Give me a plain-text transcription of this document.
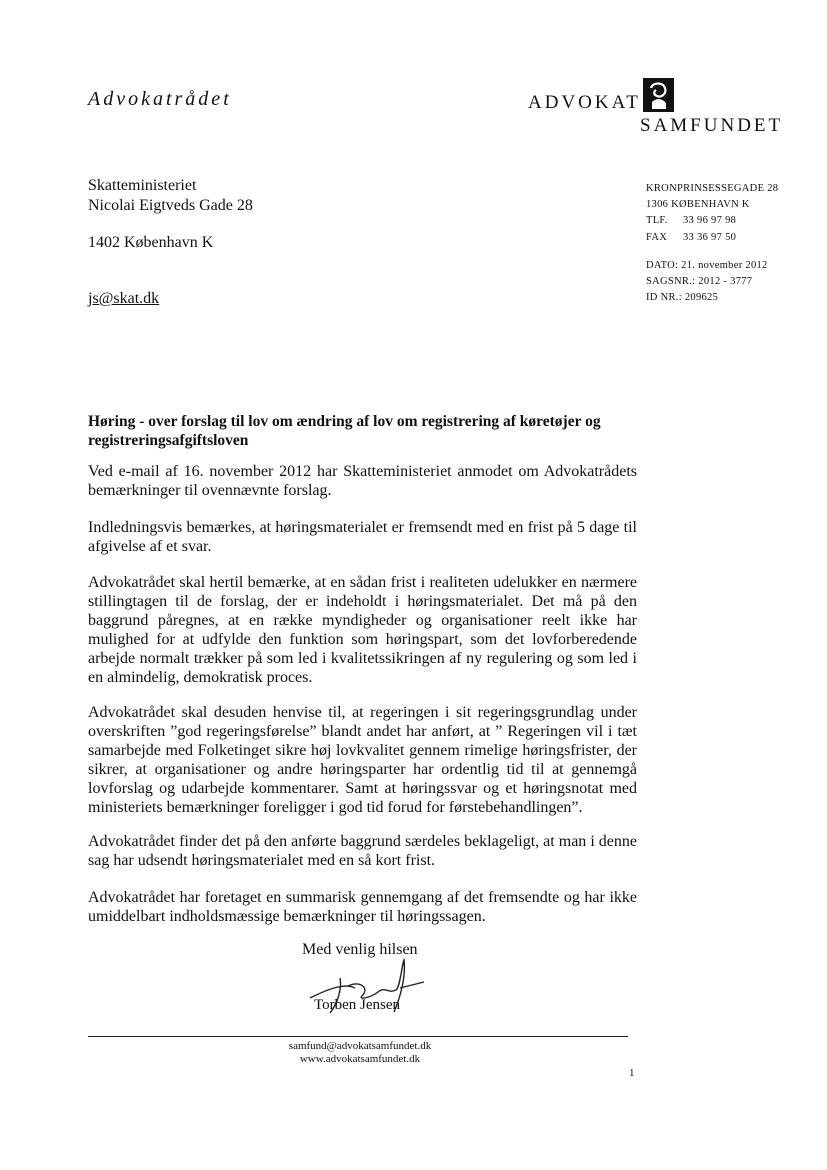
Advokatrådet	ADVOKAT
SAMFUNDET
Skatteministeriet
Nicolai Eigtveds Gade 28
1402 København K
js@skat.dk
KRONPRINSESSEGADE 28
1306 KØBENHAVN K
TLF. 33 96 97 98
FAX 33 36 97 50
DATO: 21. november 2012
SAGSNR.: 2012 - 3777
ID NR.: 209625
Høring - over forslag til lov om ændring af lov om registrering af køretøjer og registreringsafgiftsloven
Ved e-mail af 16. november 2012 har Skatteministeriet anmodet om Advokatrådets bemærkninger til ovennævnte forslag.
Indledningsvis bemærkes, at høringsmaterialet er fremsendt med en frist på 5 dage til afgivelse af et svar.
Advokatrådet skal hertil bemærke, at en sådan frist i realiteten udelukker en nærmere stillingtagen til de forslag, der er indeholdt i høringsmaterialet. Det må på den baggrund påregnes, at en række myndigheder og organisationer reelt ikke har mulighed for at udfylde den funktion som høringspart, som det lovforberedende arbejde normalt trækker på som led i kvalitetssikringen af ny regulering og som led i en almindelig, demokratisk proces.
Advokatrådet skal desuden henvise til, at regeringen i sit regeringsgrundlag under overskriften ”god regeringsførelse” blandt andet har anført, at ” Regeringen vil i tæt samarbejde med Folketinget sikre høj lovkvalitet gennem rimelige høringsfrister, der sikrer, at organisationer og andre høringsparter har ordentlig tid til at gennemgå lovforslag og udarbejde kommentarer. Samt at høringssvar og et høringsnotat med ministeriets bemærkninger foreligger i god tid forud for førstebehandlingen”.
Advokatrådet finder det på den anførte baggrund særdeles beklageligt, at man i denne sag har udsendt høringsmaterialet med en så kort frist.
Advokatrådet har foretaget en summarisk gennemgang af det fremsendte og har ikke umiddelbart indholdsmæssige bemærkninger til høringssagen.
Med venlig hilsen
Torben Jensen
samfund@advokatsamfundet.dk
www.advokatsamfundet.dk
1
